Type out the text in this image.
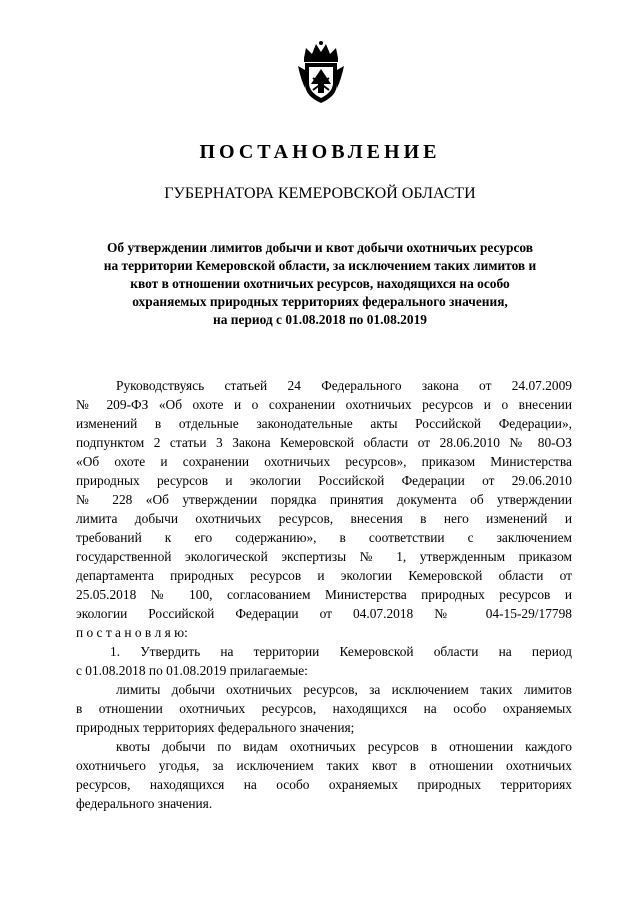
ПОСТАНОВЛЕНИЕ
ГУБЕРНАТОРА КЕМЕРОВСКОЙ ОБЛАСТИ
Об утверждении лимитов добычи и квот добычи охотничьих ресурсов
на территории Кемеровской области, за исключением таких лимитов и
квот в отношении охотничьих ресурсов, находящихся на особо
охраняемых природных территориях федерального значения,
на период с 01.08.2018 по 01.08.2019
Руководствуясь статьей 24 Федерального закона от 24.07.2009
№ 209-ФЗ «Об охоте и о сохранении охотничьих ресурсов и о внесении
изменений в отдельные законодательные акты Российской Федерации»,
подпунктом 2 статьи 3 Закона Кемеровской области от 28.06.2010 № 80-ОЗ
«Об охоте и сохранении охотничьих ресурсов», приказом Министерства
природных ресурсов и экологии Российской Федерации от 29.06.2010
№ 228 «Об утверждении порядка принятия документа об утверждении
лимита добычи охотничьих ресурсов, внесения в него изменений и
требований к его содержанию», в соответствии с заключением
государственной экологической экспертизы № 1, утвержденным приказом
департамента природных ресурсов и экологии Кемеровской области от
25.05.2018 № 100, согласованием Министерства природных ресурсов и
экологии Российской Федерации от 04.07.2018 № 04-15-29/17798
п о с т а н о в л я ю:
1. Утвердить на территории Кемеровской области на период
с 01.08.2018 по 01.08.2019 прилагаемые:
лимиты добычи охотничьих ресурсов, за исключением таких лимитов
в отношении охотничьих ресурсов, находящихся на особо охраняемых
природных территориях федерального значения;
квоты добычи по видам охотничьих ресурсов в отношении каждого
охотничьего угодья, за исключением таких квот в отношении охотничьих
ресурсов, находящихся на особо охраняемых природных территориях
федерального значения.
